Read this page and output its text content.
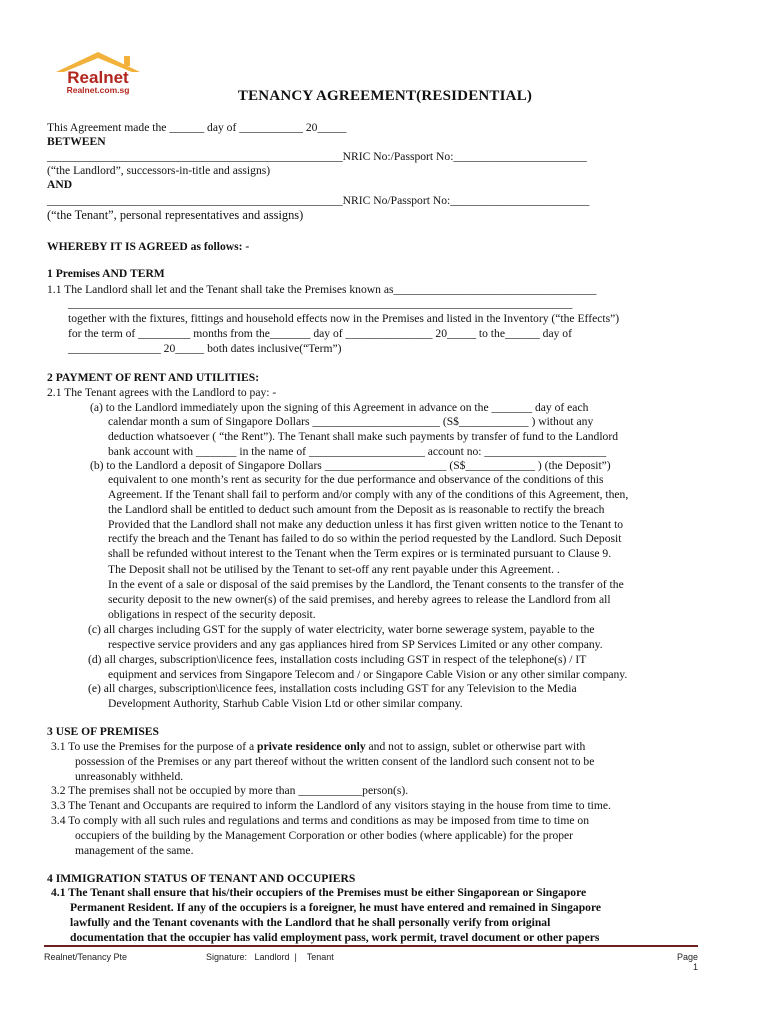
Realnet
Realnet.com.sg	TENANCY AGREEMENT(RESIDENTIAL)
This Agreement made the ______ day of ___________ 20_____
BETWEEN
___________________________________________________NRIC No:/Passport No:_______________________
(“the Landlord”, successors-in-title and assigns)
AND
___________________________________________________NRIC No/Passport No:________________________
(“the Tenant”, personal representatives and assigns)
WHEREBY IT IS AGREED as follows: -
1 Premises AND TERM
1.1 The Landlord shall let and the Tenant shall take the Premises known as___________________________________
_______________________________________________________________________________________
together with the fixtures, fittings and household effects now in the Premises and listed in the Inventory (“the Effects”)
for the term of _________ months from the_______ day of _______________ 20_____ to the______ day of
________________ 20_____ both dates inclusive(“Term”)
2 PAYMENT OF RENT AND UTILITIES:
2.1 The Tenant agrees with the Landlord to pay: -
(a) to the Landlord immediately upon the signing of this Agreement in advance on the _______ day of each
calendar month a sum of Singapore Dollars ______________________ (S$____________ ) without any
deduction whatsoever ( “the Rent”). The Tenant shall make such payments by transfer of fund to the Landlord
bank account with _______ in the name of ____________________ account no: _____________________
(b) to the Landlord a deposit of Singapore Dollars _____________________ (S$____________ ) (the Deposit”)
equivalent to one month’s rent as security for the due performance and observance of the conditions of this
Agreement. If the Tenant shall fail to perform and/or comply with any of the conditions of this Agreement, then,
the Landlord shall be entitled to deduct such amount from the Deposit as is reasonable to rectify the breach
Provided that the Landlord shall not make any deduction unless it has first given written notice to the Tenant to
rectify the breach and the Tenant has failed to do so within the period requested by the Landlord. Such Deposit
shall be refunded without interest to the Tenant when the Term expires or is terminated pursuant to Clause 9.
The Deposit shall not be utilised by the Tenant to set-off any rent payable under this Agreement. .
In the event of a sale or disposal of the said premises by the Landlord, the Tenant consents to the transfer of the
security deposit to the new owner(s) of the said premises, and hereby agrees to release the Landlord from all
obligations in respect of the security deposit.
(c) all charges including GST for the supply of water electricity, water borne sewerage system, payable to the
respective service providers and any gas appliances hired from SP Services Limited or any other company.
(d) all charges, subscription\licence fees, installation costs including GST in respect of the telephone(s) / IT
equipment and services from Singapore Telecom and / or Singapore Cable Vision or any other similar company.
(e) all charges, subscription\licence fees, installation costs including GST for any Television to the Media
Development Authority, Starhub Cable Vision Ltd or other similar company.
3 USE OF PREMISES
3.1 To use the Premises for the purpose of a private residence only and not to assign, sublet or otherwise part with
possession of the Premises or any part thereof without the written consent of the landlord such consent not to be
unreasonably withheld.
3.2 The premises shall not be occupied by more than ___________person(s).
3.3 The Tenant and Occupants are required to inform the Landlord of any visitors staying in the house from time to time.
3.4 To comply with all such rules and regulations and terms and conditions as may be imposed from time to time on
occupiers of the building by the Management Corporation or other bodies (where applicable) for the proper
management of the same.
4 IMMIGRATION STATUS OF TENANT AND OCCUPIERS
4.1 The Tenant shall ensure that his/their occupiers of the Premises must be either Singaporean or Singapore
Permanent Resident. If any of the occupiers is a foreigner, he must have entered and remained in Singapore
lawfully and the Tenant covenants with the Landlord that he shall personally verify from original
documentation that the occupier has valid employment pass, work permit, travel document or other papers
Realnet/Tenancy Pte	Signature:   Landlord  |    Tenant	Page 1
